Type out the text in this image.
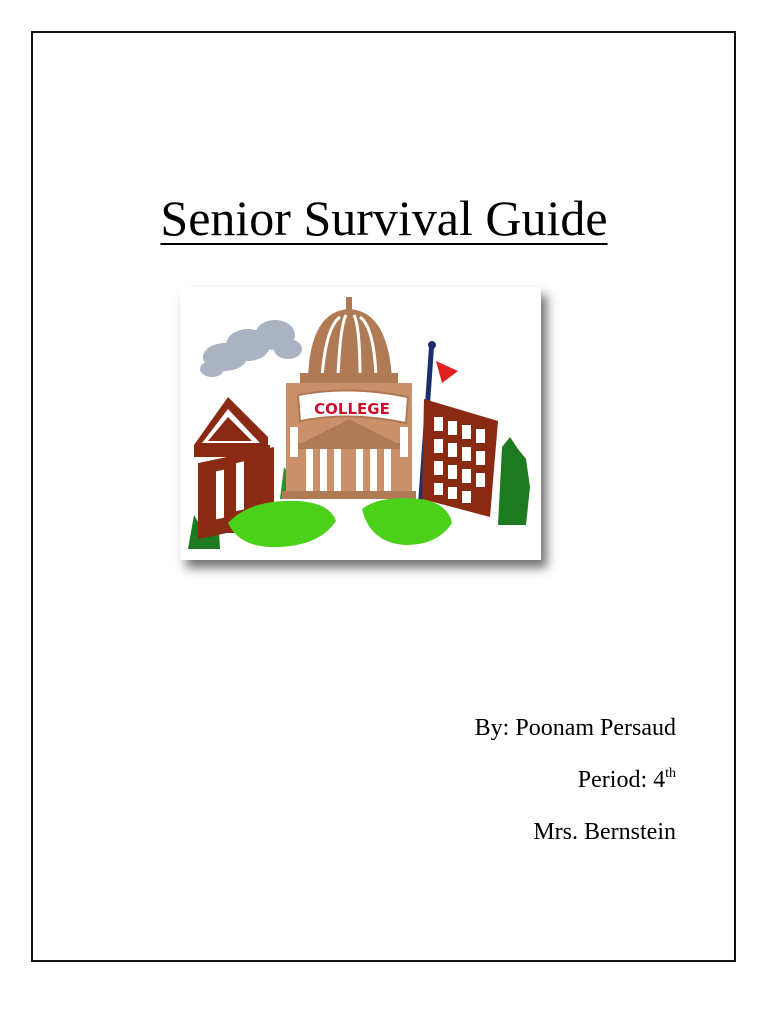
Senior Survival Guide
COLLEGE
By: Poonam Persaud
Period: 4th
Mrs. Bernstein
